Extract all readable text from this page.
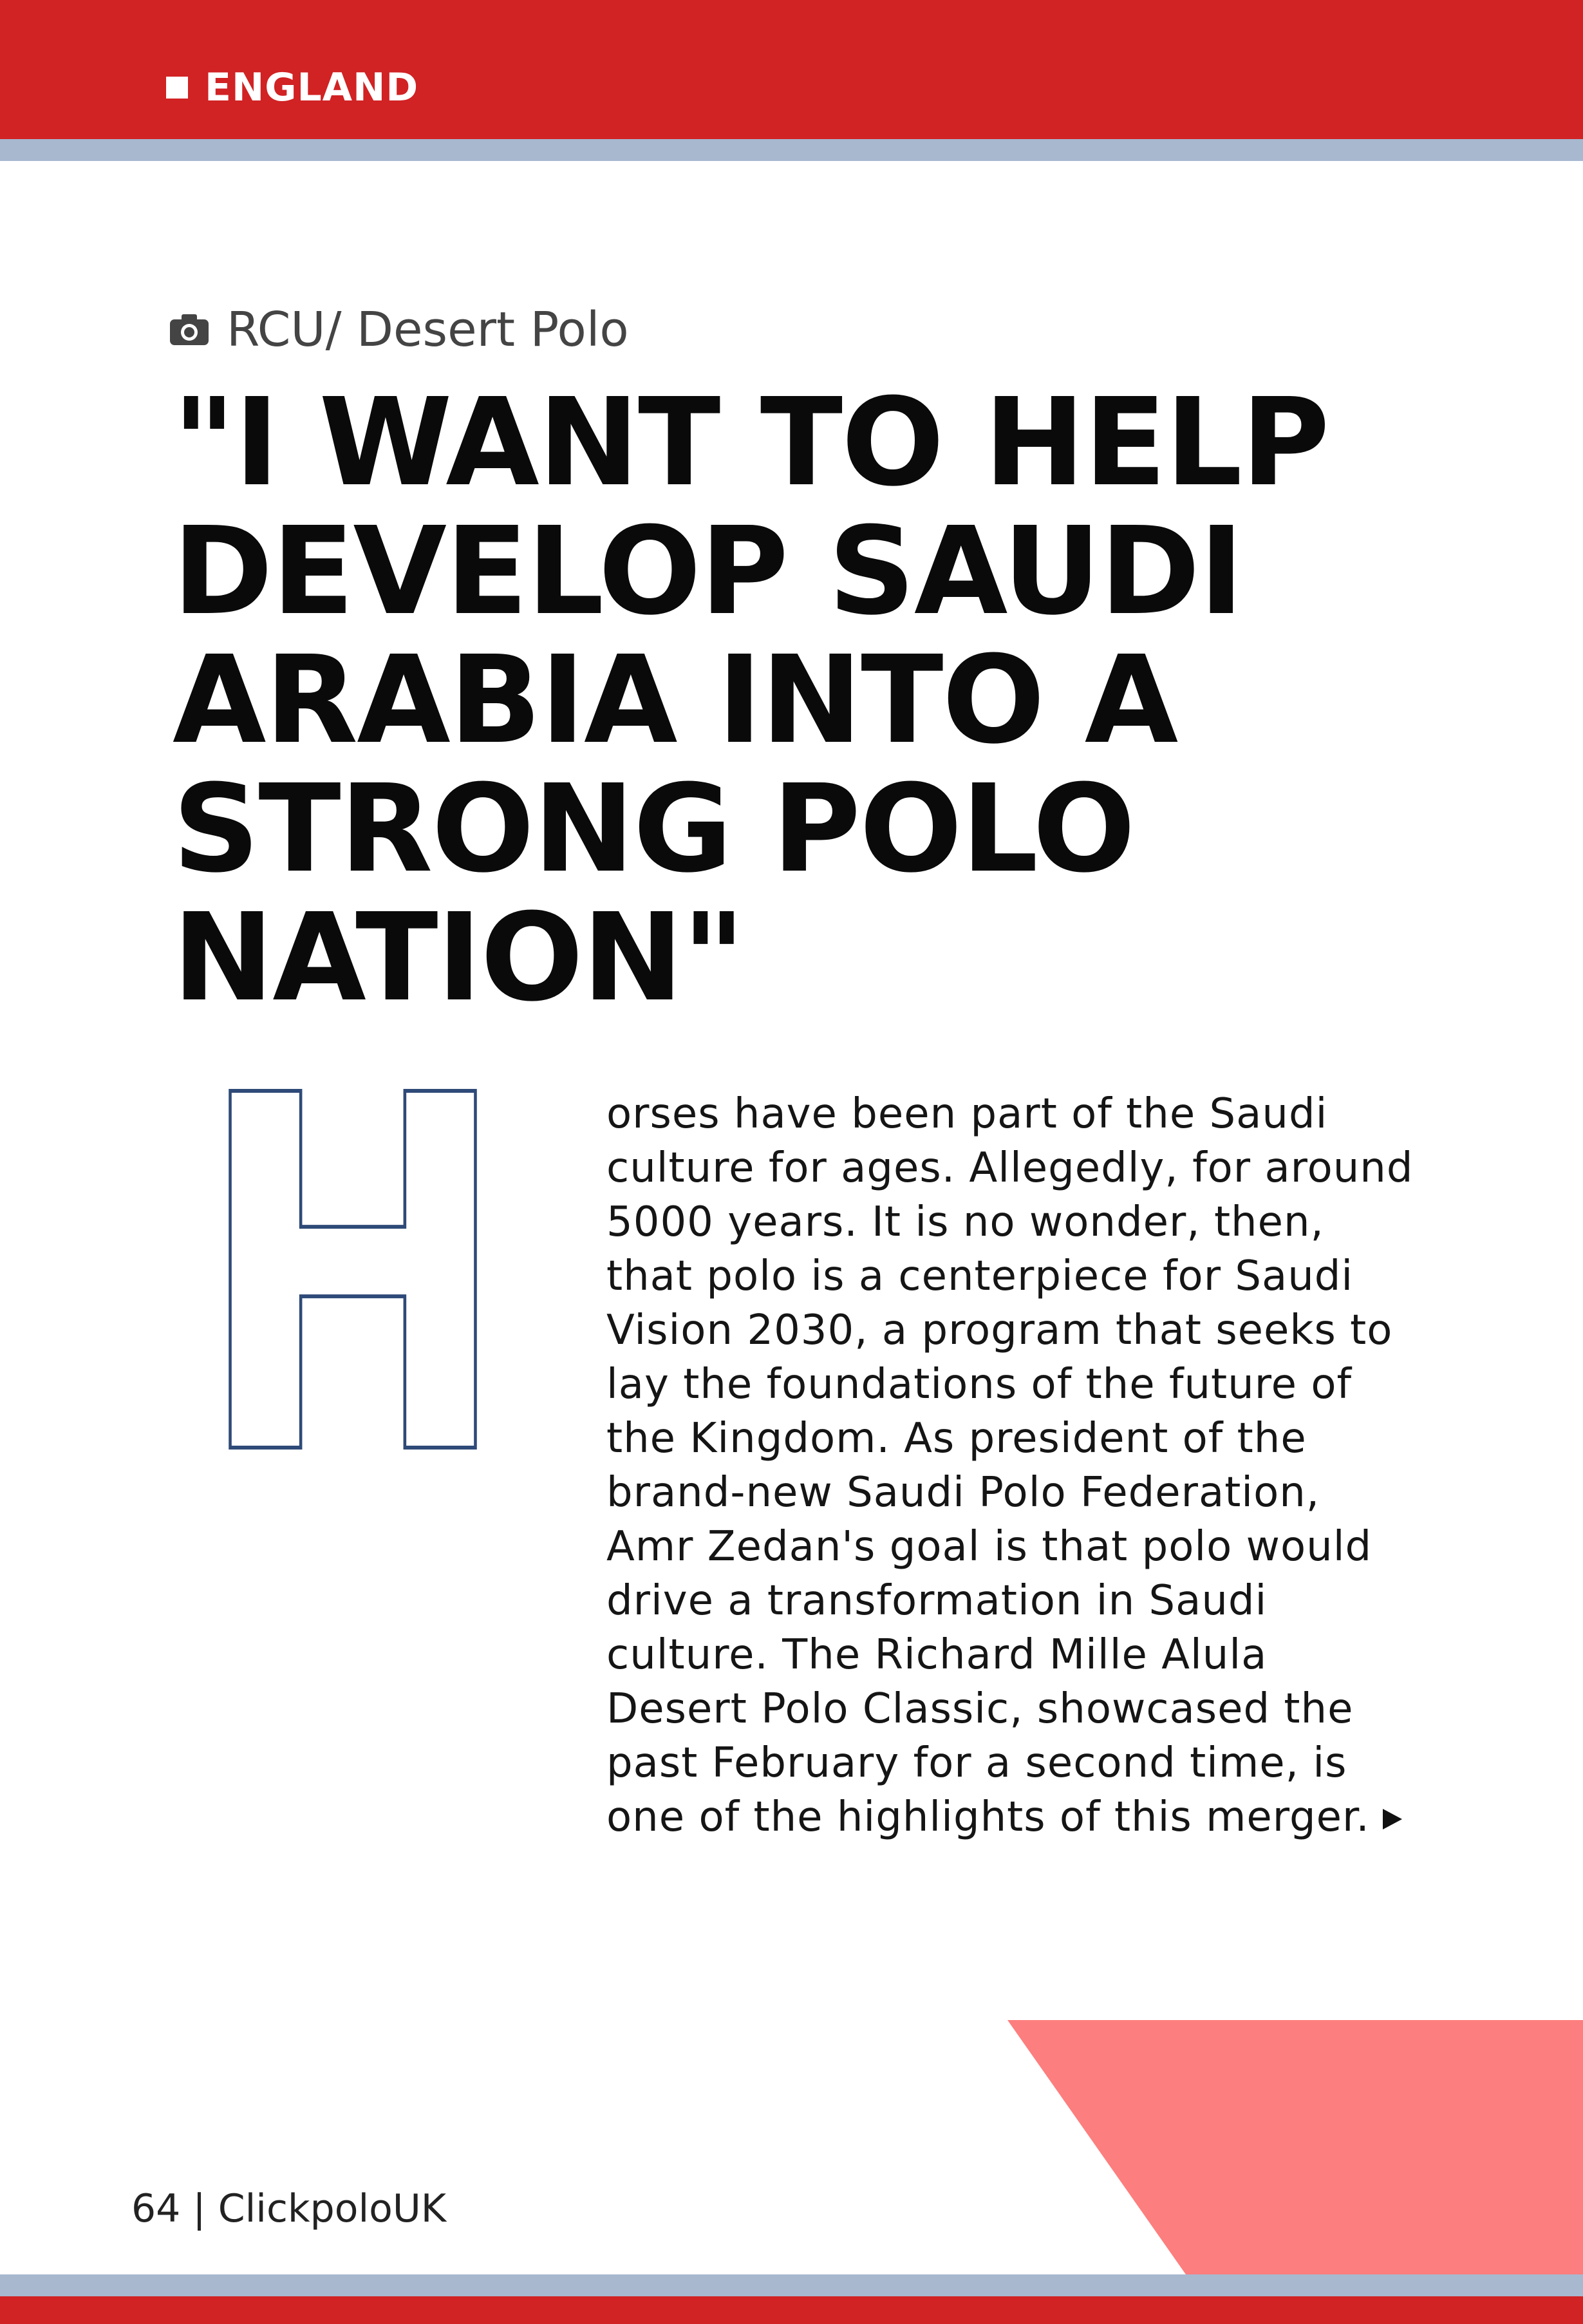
ENGLAND
RCU/ Desert Polo
"I WANT TO HELP DEVELOP SAUDI ARABIA INTO A STRONG POLO NATION"
H orses have been part of the Saudi culture for ages. Allegedly, for around 5000 years. It is no wonder, then, that polo is a centerpiece for Saudi Vision 2030, a program that seeks to lay the foundations of the future of the Kingdom. As president of the brand-new Saudi Polo Federation, Amr Zedan's goal is that polo would drive a transformation in Saudi culture. The Richard Mille Alula Desert Polo Classic, showcased the past February for a second time, is one of the highlights of this merger.

64 | ClickpoloUK
